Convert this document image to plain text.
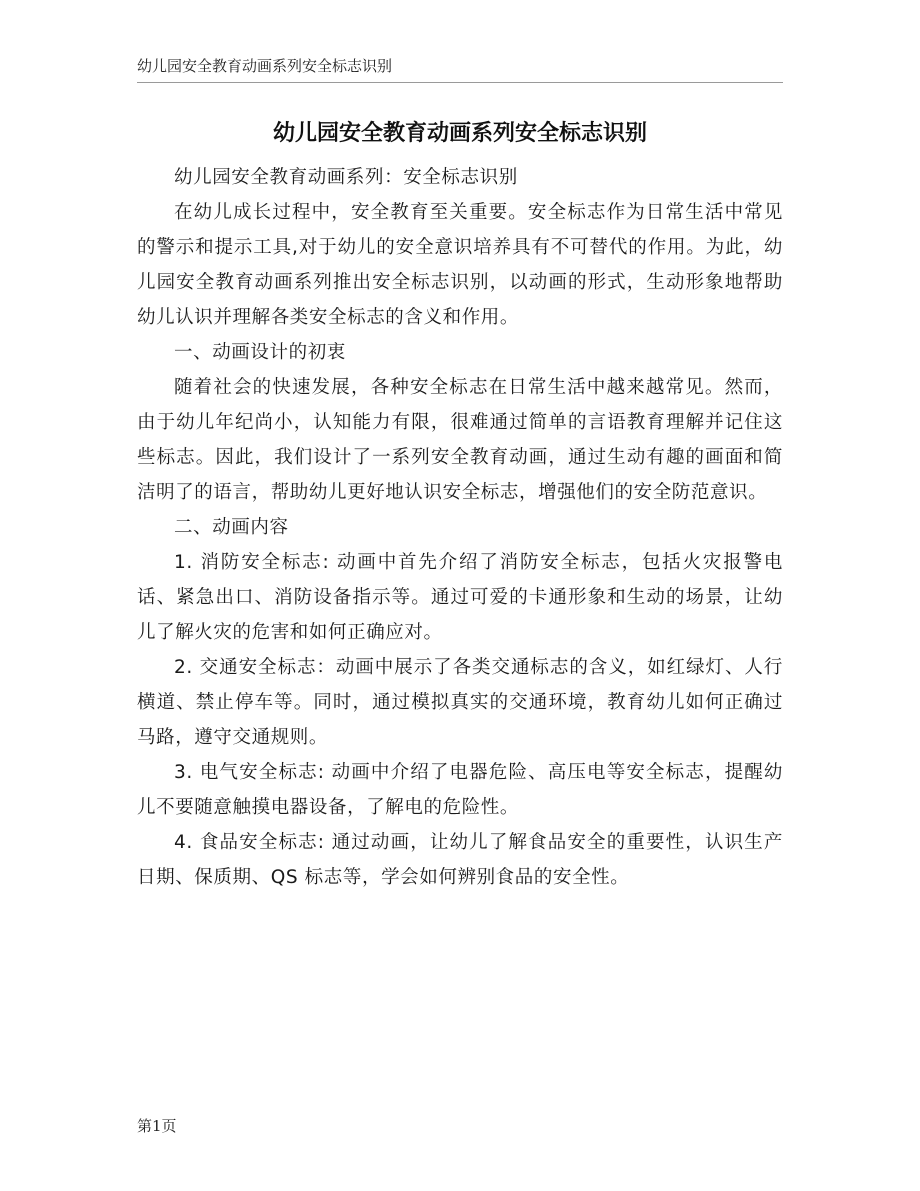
幼儿园安全教育动画系列安全标志识别
幼儿园安全教育动画系列安全标志识别

幼儿园安全教育动画系列：安全标志识别

在幼儿成长过程中，安全教育至关重要。安全标志作为日常生活中常见的警示和提示工具,对于幼儿的安全意识培养具有不可替代的作用。为此，幼儿园安全教育动画系列推出安全标志识别，以动画的形式，生动形象地帮助幼儿认识并理解各类安全标志的含义和作用。

一、动画设计的初衷

随着社会的快速发展，各种安全标志在日常生活中越来越常见。然而，由于幼儿年纪尚小，认知能力有限，很难通过简单的言语教育理解并记住这些标志。因此，我们设计了一系列安全教育动画，通过生动有趣的画面和简洁明了的语言，帮助幼儿更好地认识安全标志，增强他们的安全防范意识。

二、动画内容

1. 消防安全标志: 动画中首先介绍了消防安全标志，包括火灾报警电话、紧急出口、消防设备指示等。通过可爱的卡通形象和生动的场景，让幼儿了解火灾的危害和如何正确应对。

2. 交通安全标志：动画中展示了各类交通标志的含义，如红绿灯、人行横道、禁止停车等。同时，通过模拟真实的交通环境，教育幼儿如何正确过马路，遵守交通规则。

3. 电气安全标志: 动画中介绍了电器危险、高压电等安全标志，提醒幼儿不要随意触摸电器设备，了解电的危险性。

4. 食品安全标志: 通过动画，让幼儿了解食品安全的重要性，认识生产日期、保质期、QS 标志等，学会如何辨别食品的安全性。

第1页
